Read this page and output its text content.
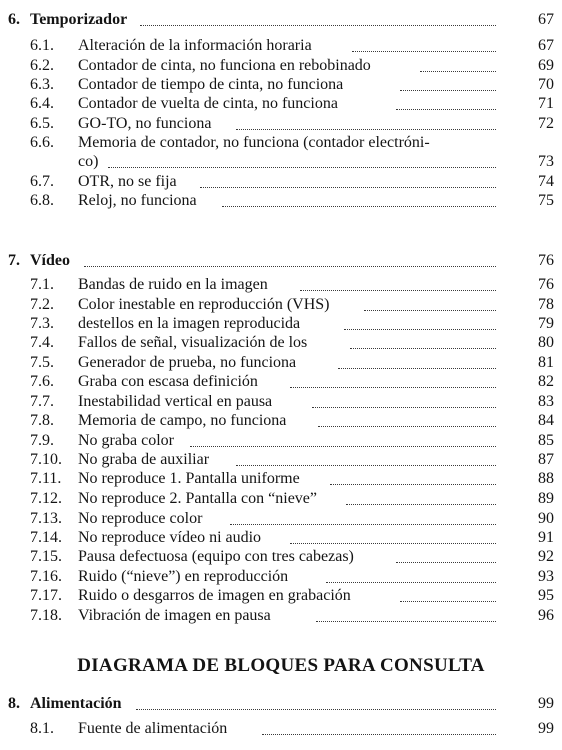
6. Temporizador	67
6.1. Alteración de la información horaria	67
6.2. Contador de cinta, no funciona en rebobinado	69
6.3. Contador de tiempo de cinta, no funciona	70
6.4. Contador de vuelta de cinta, no funciona	71
6.5. GO-TO, no funciona	72
6.6. Memoria de contador, no funciona (contador electróni-
co)	73
6.7. OTR, no se fija	74
6.8. Reloj, no funciona	75
7. Vídeo	76
7.1. Bandas de ruido en la imagen	76
7.2. Color inestable en reproducción (VHS)	78
7.3. destellos en la imagen reproducida	79
7.4. Fallos de señal, visualización de los	80
7.5. Generador de prueba, no funciona	81
7.6. Graba con escasa definición	82
7.7. Inestabilidad vertical en pausa	83
7.8. Memoria de campo, no funciona	84
7.9. No graba color	85
7.10. No graba de auxiliar	87
7.11. No reproduce 1. Pantalla uniforme	88
7.12. No reproduce 2. Pantalla con “nieve”	89
7.13. No reproduce color	90
7.14. No reproduce vídeo ni audio	91
7.15. Pausa defectuosa (equipo con tres cabezas)	92
7.16. Ruido (“nieve”) en reproducción	93
7.17. Ruido o desgarros de imagen en grabación	95
7.18. Vibración de imagen en pausa	96
DIAGRAMA DE BLOQUES PARA CONSULTA
8. Alimentación	99
8.1. Fuente de alimentación	99
